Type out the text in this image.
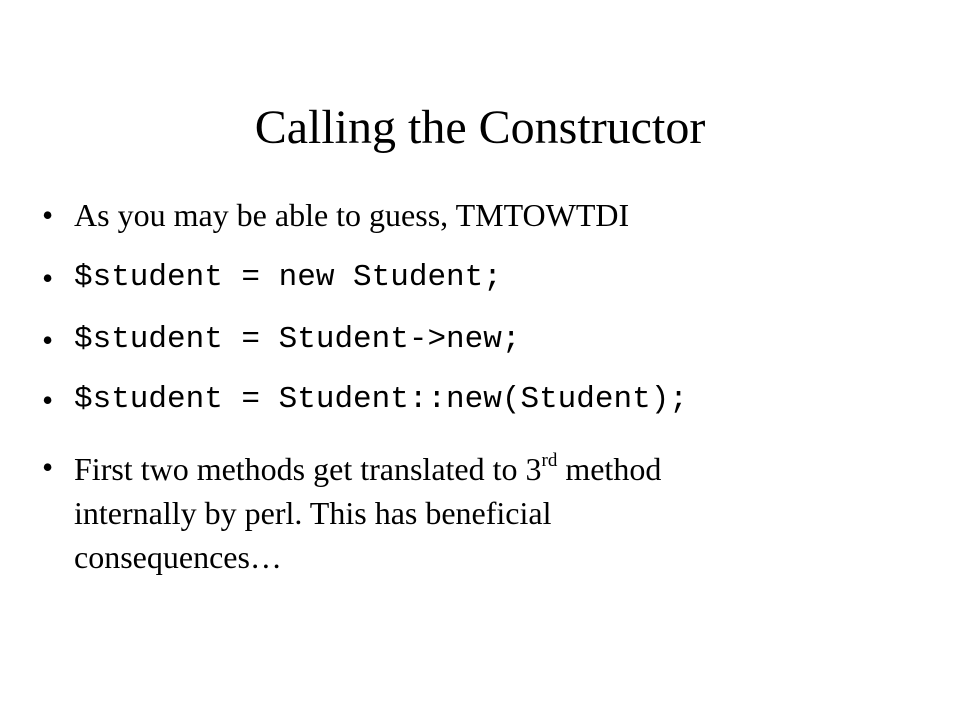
Calling the Constructor
• As you may be able to guess, TMTOWTDI
• $student = new Student;
• $student = Student->new;
• $student = Student::new(Student);
• First two methods get translated to 3rd method
internally by perl. This has beneficial
consequences…
